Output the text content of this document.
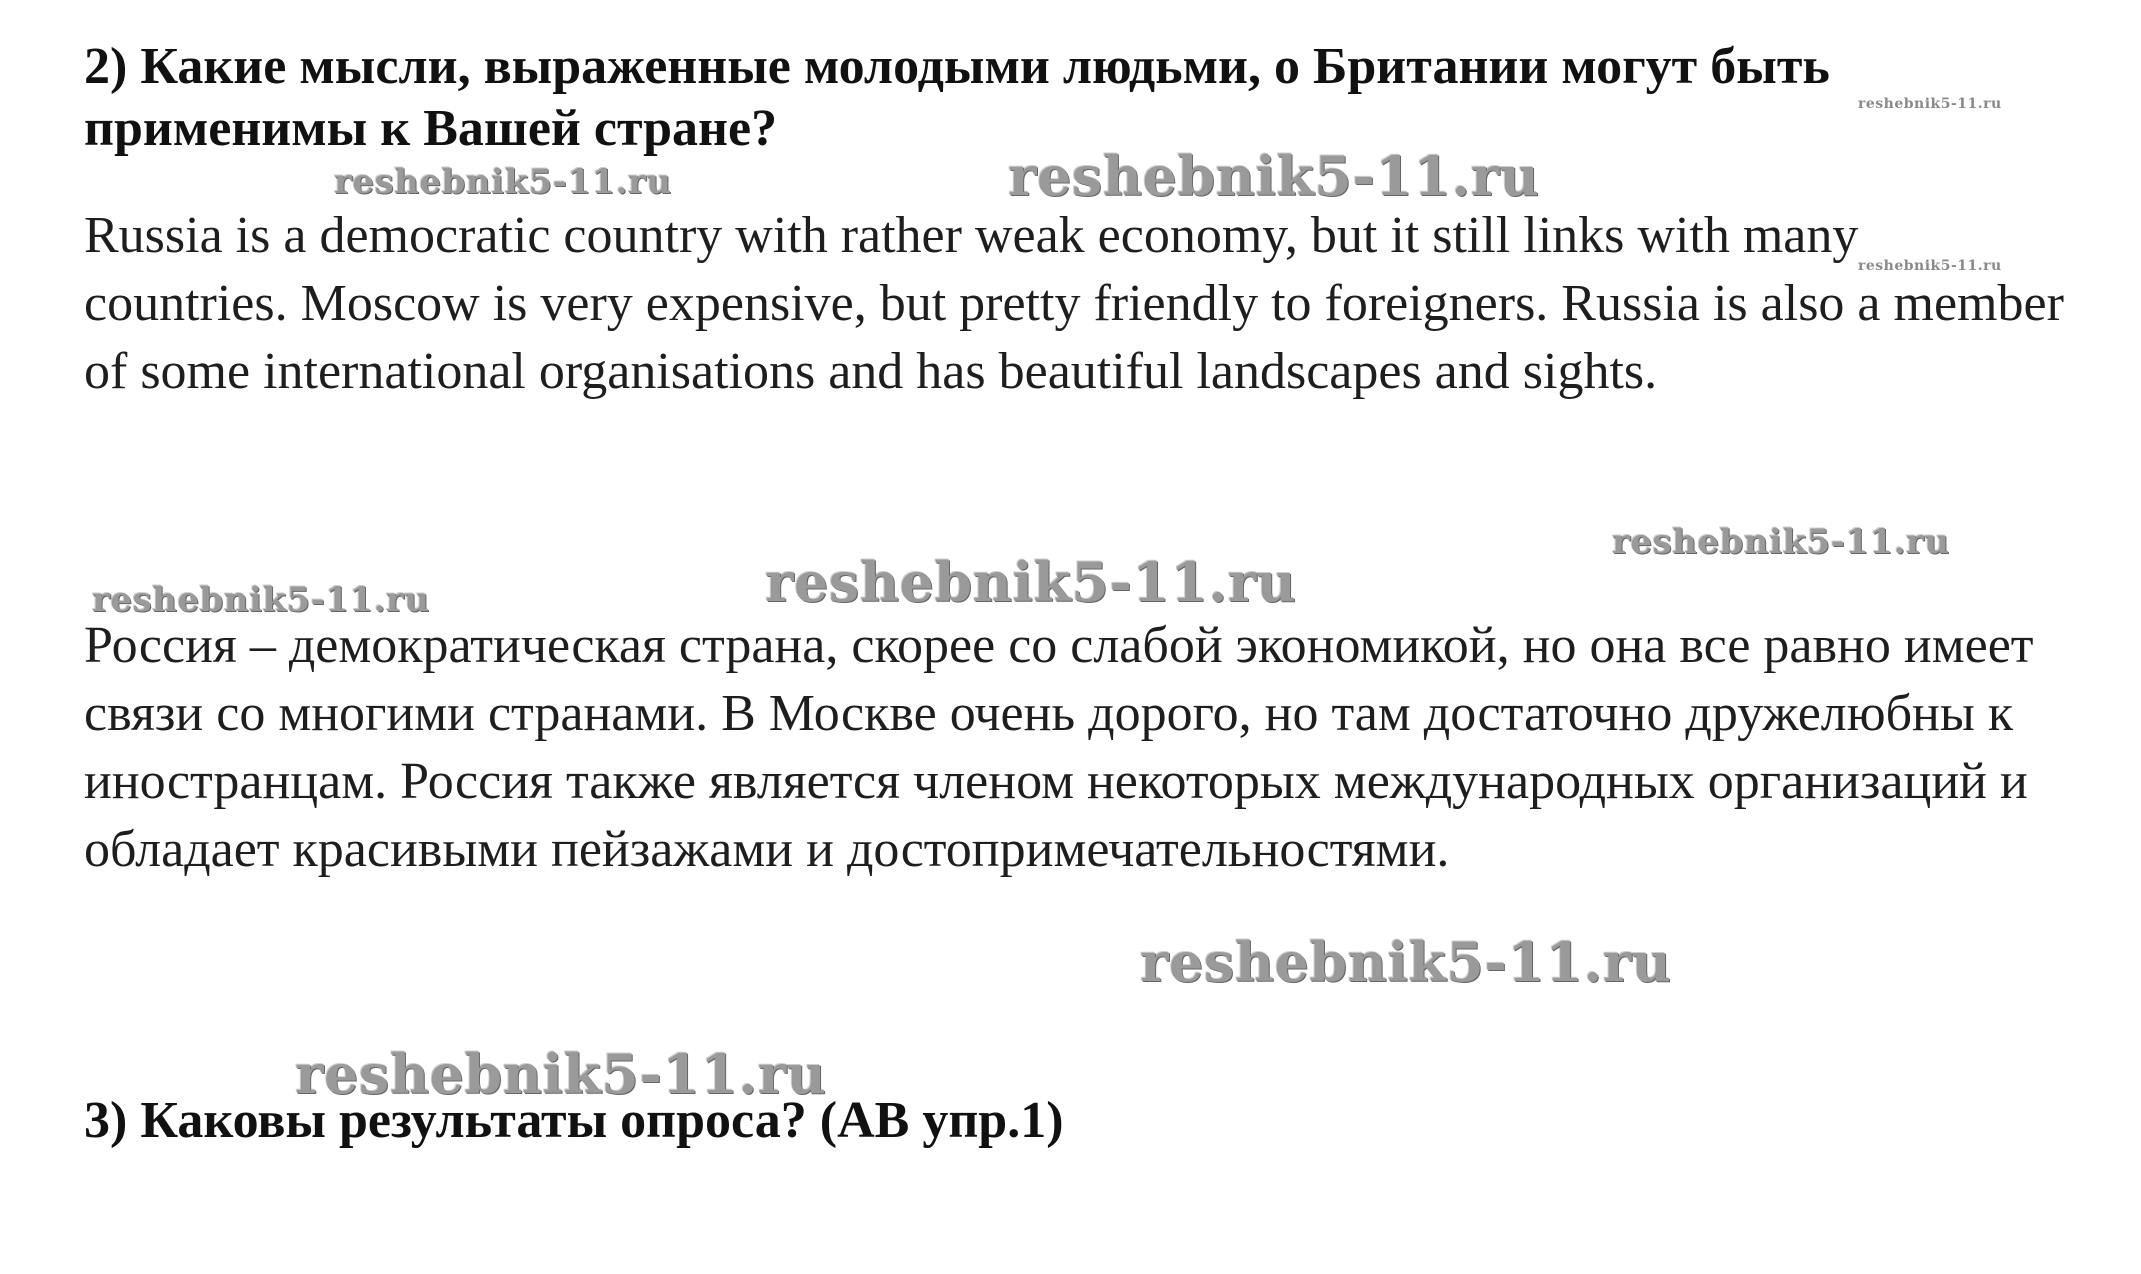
2) Какие мысли, выраженные молодыми людьми, о Британии могут быть применимы к Вашей стране?

Russia is a democratic country with rather weak economy, but it still links with many countries. Moscow is very expensive, but pretty friendly to foreigners. Russia is also a member of some international organisations and has beautiful landscapes and sights.

Россия – демократическая страна, скорее со слабой экономикой, но она все равно имеет связи со многими странами. В Москве очень дорого, но там достаточно дружелюбны к иностранцам. Россия также является членом некоторых международных организаций и обладает красивыми пейзажами и достопримечательностями.

3) Каковы результаты опроса? (AB упр.1)

reshebnik5-11.ru
reshebnik5-11.ru	reshebnik5-11.ru
reshebnik5-11.ru
reshebnik5-11.ru
reshebnik5-11.ru	reshebnik5-11.ru
reshebnik5-11.ru
reshebnik5-11.ru
